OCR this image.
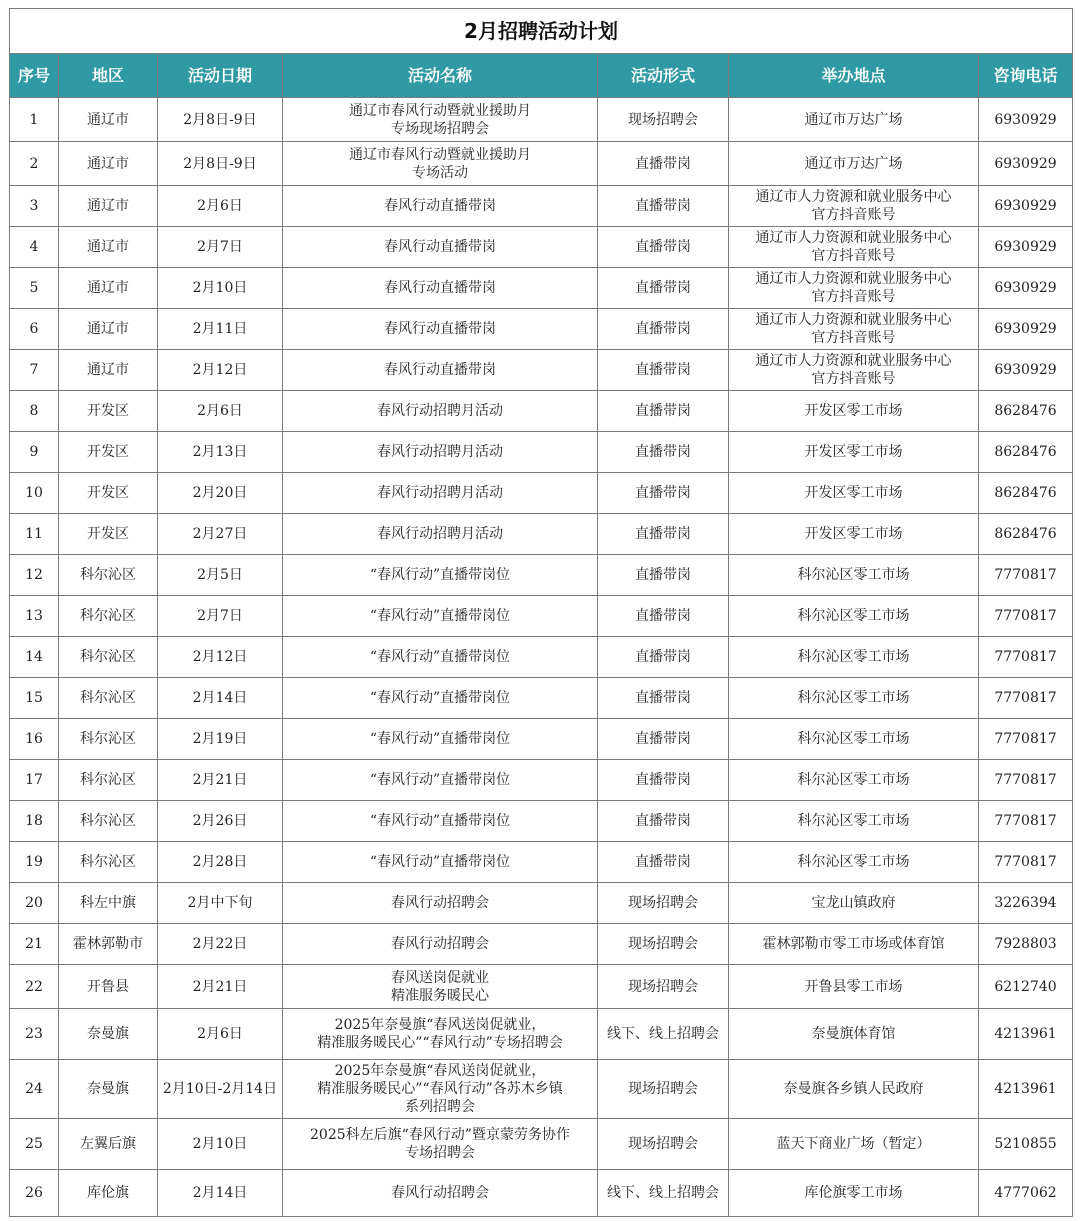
2月招聘活动计划						
序号	地区	活动日期	活动名称	活动形式	举办地点	咨询电话
1	通辽市	2月8日-9日	通辽市春风行动暨就业援助月
专场现场招聘会	现场招聘会	通辽市万达广场	6930929
2	通辽市	2月8日-9日	通辽市春风行动暨就业援助月
专场活动	直播带岗	通辽市万达广场	6930929
3	通辽市	2月6日	春风行动直播带岗	直播带岗	通辽市人力资源和就业服务中心
官方抖音账号	6930929
4	通辽市	2月7日	春风行动直播带岗	直播带岗	通辽市人力资源和就业服务中心
官方抖音账号	6930929
5	通辽市	2月10日	春风行动直播带岗	直播带岗	通辽市人力资源和就业服务中心
官方抖音账号	6930929
6	通辽市	2月11日	春风行动直播带岗	直播带岗	通辽市人力资源和就业服务中心
官方抖音账号	6930929
7	通辽市	2月12日	春风行动直播带岗	直播带岗	通辽市人力资源和就业服务中心
官方抖音账号	6930929
8	开发区	2月6日	春风行动招聘月活动	直播带岗	开发区零工市场	8628476
9	开发区	2月13日	春风行动招聘月活动	直播带岗	开发区零工市场	8628476
10	开发区	2月20日	春风行动招聘月活动	直播带岗	开发区零工市场	8628476
11	开发区	2月27日	春风行动招聘月活动	直播带岗	开发区零工市场	8628476
12	科尔沁区	2月5日	“春风行动”直播带岗位	直播带岗	科尔沁区零工市场	7770817
13	科尔沁区	2月7日	“春风行动”直播带岗位	直播带岗	科尔沁区零工市场	7770817
14	科尔沁区	2月12日	“春风行动”直播带岗位	直播带岗	科尔沁区零工市场	7770817
15	科尔沁区	2月14日	“春风行动”直播带岗位	直播带岗	科尔沁区零工市场	7770817
16	科尔沁区	2月19日	“春风行动”直播带岗位	直播带岗	科尔沁区零工市场	7770817
17	科尔沁区	2月21日	“春风行动”直播带岗位	直播带岗	科尔沁区零工市场	7770817
18	科尔沁区	2月26日	“春风行动”直播带岗位	直播带岗	科尔沁区零工市场	7770817
19	科尔沁区	2月28日	“春风行动”直播带岗位	直播带岗	科尔沁区零工市场	7770817
20	科左中旗	2月中下旬	春风行动招聘会	现场招聘会	宝龙山镇政府	3226394
21	霍林郭勒市	2月22日	春风行动招聘会	现场招聘会	霍林郭勒市零工市场或体育馆	7928803
22	开鲁县	2月21日	春风送岗促就业
精准服务暖民心	现场招聘会	开鲁县零工市场	6212740
23	奈曼旗	2月6日	2025年奈曼旗“春风送岗促就业，
精准服务暖民心”“春风行动”专场招聘会	线下、线上招聘会	奈曼旗体育馆	4213961
24	奈曼旗	2月10日-2月14日	2025年奈曼旗“春风送岗促就业，
精准服务暖民心”“春风行动”各苏木乡镇
系列招聘会	现场招聘会	奈曼旗各乡镇人民政府	4213961
25	左翼后旗	2月10日	2025科左后旗“春风行动”暨京蒙劳务协作
专场招聘会	现场招聘会	蓝天下商业广场（暂定）	5210855
26	库伦旗	2月14日	春风行动招聘会	线下、线上招聘会	库伦旗零工市场	4777062
